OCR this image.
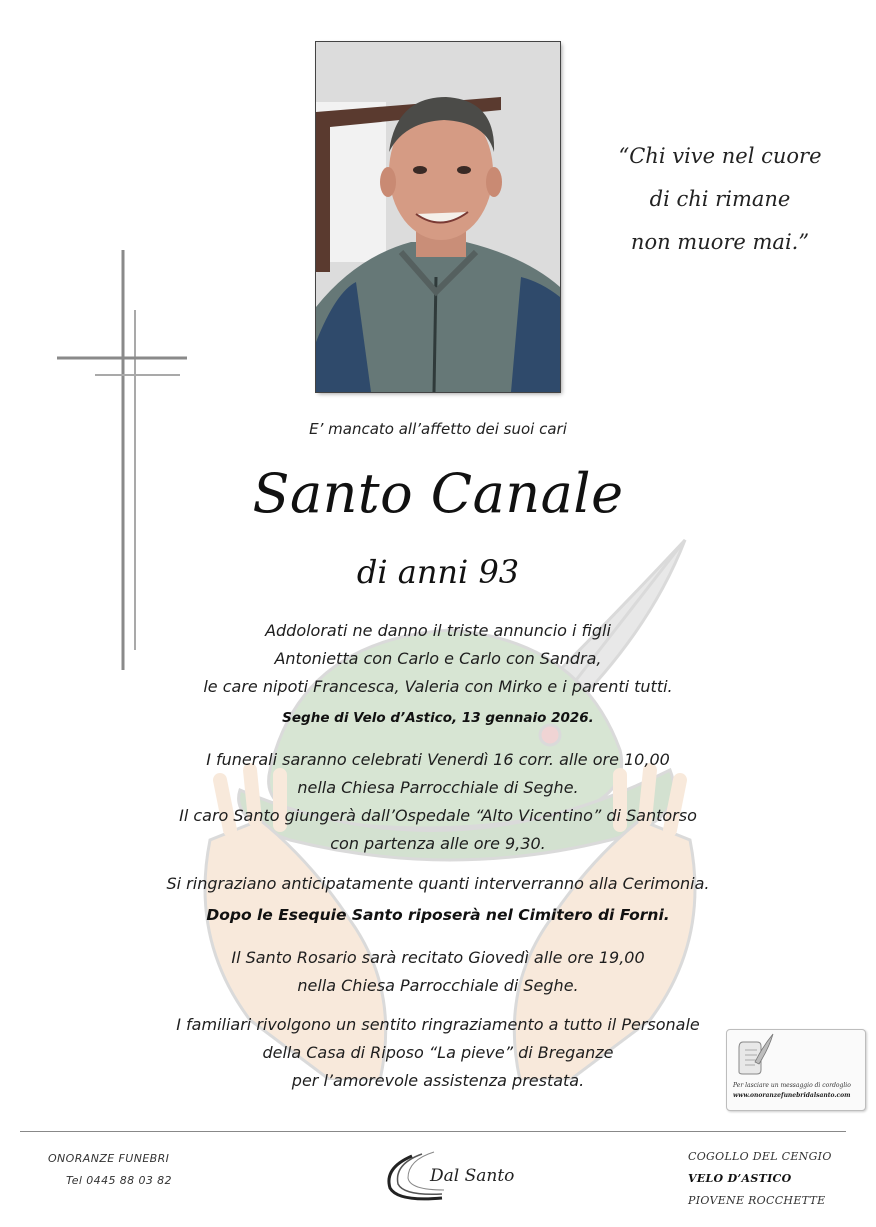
“Chi vive nel cuore
di chi rimane
non muore mai.”
E’ mancato all’affetto dei suoi cari
Santo Canale
di anni 93
Addolorati ne danno il triste annuncio i figli
Antonietta con Carlo e Carlo con Sandra,
le care nipoti Francesca, Valeria con Mirko e i parenti tutti.
Seghe di Velo d’Astico, 13 gennaio 2026.
I funerali saranno celebrati Venerdì 16 corr. alle ore 10,00
nella Chiesa Parrocchiale di Seghe.
Il caro Santo giungerà dall’Ospedale “Alto Vicentino” di Santorso
con partenza alle ore 9,30.
Si ringraziano anticipatamente quanti interverranno alla Cerimonia.
Dopo le Esequie Santo riposerà nel Cimitero di Forni.
Il Santo Rosario sarà recitato Giovedì alle ore 19,00
nella Chiesa Parrocchiale di Seghe.
I familiari rivolgono un sentito ringraziamento a tutto il Personale
della Casa di Riposo “La pieve” di Breganze
per l’amorevole assistenza prestata.	Per lasciare un messaggio di cordoglio
www.onoranzefunebridalsanto.com
ONORANZE FUNEBRI
Tel 0445 88 03 82	Dal Santo
COGOLLO DEL CENGIO
VELO D’ASTICO
PIOVENE ROCCHETTE
